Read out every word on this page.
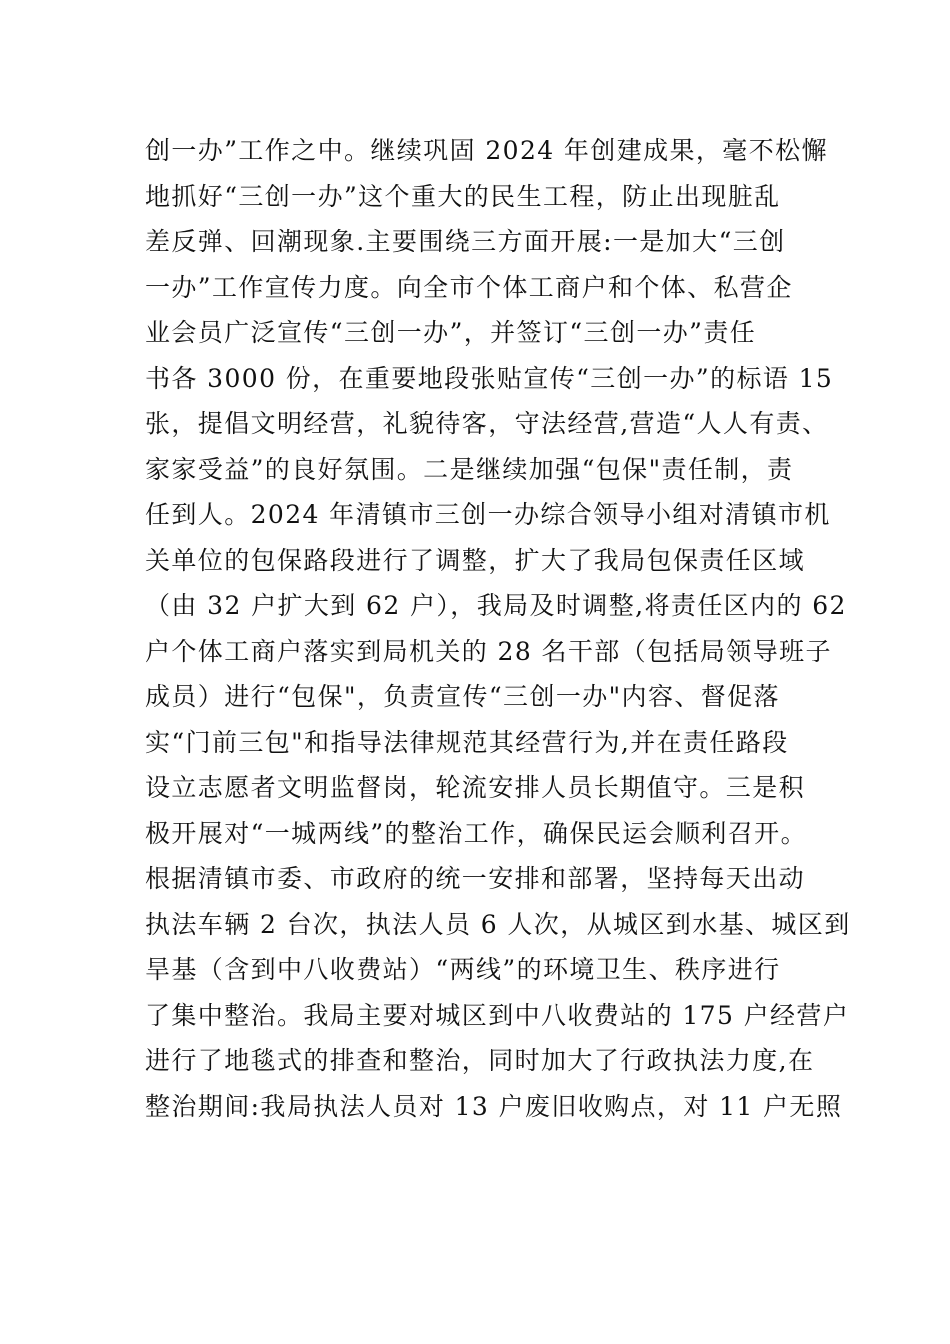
创一办”工作之中。继续巩固 2024 年创建成果，毫不松懈
地抓好“三创一办”这个重大的民生工程，防止出现脏乱
差反弹、回潮现象.主要围绕三方面开展:一是加大“三创
一办”工作宣传力度。向全市个体工商户和个体、私营企
业会员广泛宣传“三创一办”，并签订“三创一办”责任
书各 3000 份，在重要地段张贴宣传“三创一办”的标语 15
张，提倡文明经营，礼貌待客，守法经营,营造“人人有责、
家家受益”的良好氛围。二是继续加强“包保"责任制，责
任到人。2024 年清镇市三创一办综合领导小组对清镇市机
关单位的包保路段进行了调整，扩大了我局包保责任区域
（由 32 户扩大到 62 户），我局及时调整,将责任区内的 62
户个体工商户落实到局机关的 28 名干部（包括局领导班子
成员）进行“包保"，负责宣传“三创一办"内容、督促落
实“门前三包"和指导法律规范其经营行为,并在责任路段
设立志愿者文明监督岗，轮流安排人员长期值守。三是积
极开展对“一城两线”的整治工作，确保民运会顺利召开。
根据清镇市委、市政府的统一安排和部署，坚持每天出动
执法车辆 2 台次，执法人员 6 人次，从城区到水基、城区到
旱基（含到中八收费站）“两线”的环境卫生、秩序进行
了集中整治。我局主要对城区到中八收费站的 175 户经营户
进行了地毯式的排查和整治，同时加大了行政执法力度,在
整治期间:我局执法人员对 13 户废旧收购点，对 11 户无照
